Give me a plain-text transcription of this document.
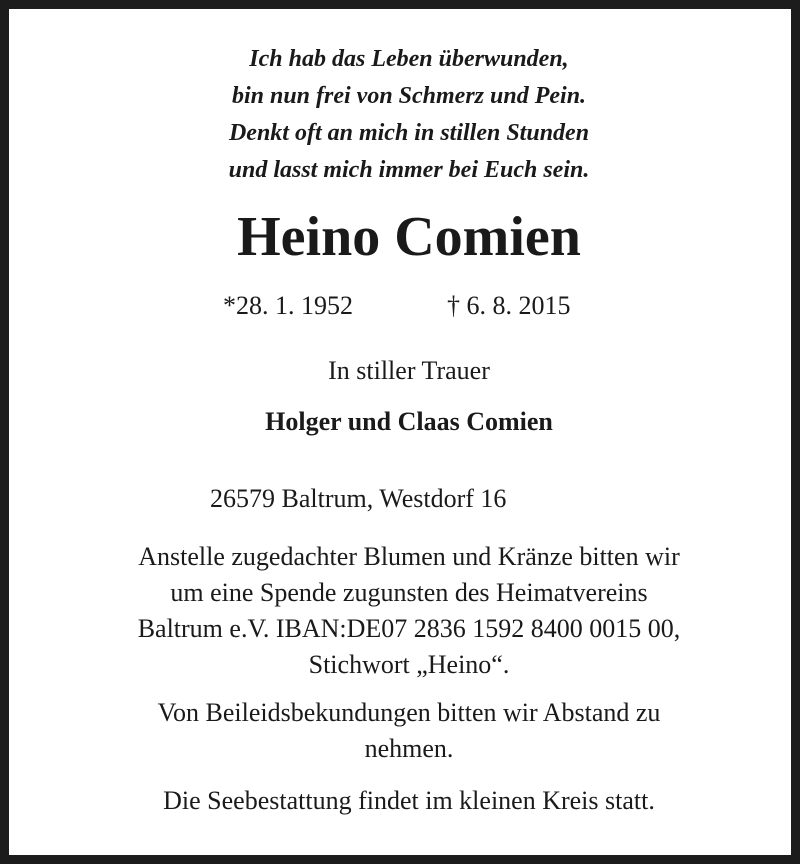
Ich hab das Leben überwunden,
bin nun frei von Schmerz und Pein.
Denkt oft an mich in stillen Stunden
und lasst mich immer bei Euch sein.
Heino Comien
*28. 1. 1952	† 6. 8. 2015
In stiller Trauer
Holger und Claas Comien
26579 Baltrum, Westdorf 16
Anstelle zugedachter Blumen und Kränze bitten wir
um eine Spende zugunsten des Heimatvereins
Baltrum e.V. IBAN:DE07 2836 1592 8400 0015 00,
Stichwort „Heino“.
Von Beileidsbekundungen bitten wir Abstand zu
nehmen.
Die Seebestattung findet im kleinen Kreis statt.
